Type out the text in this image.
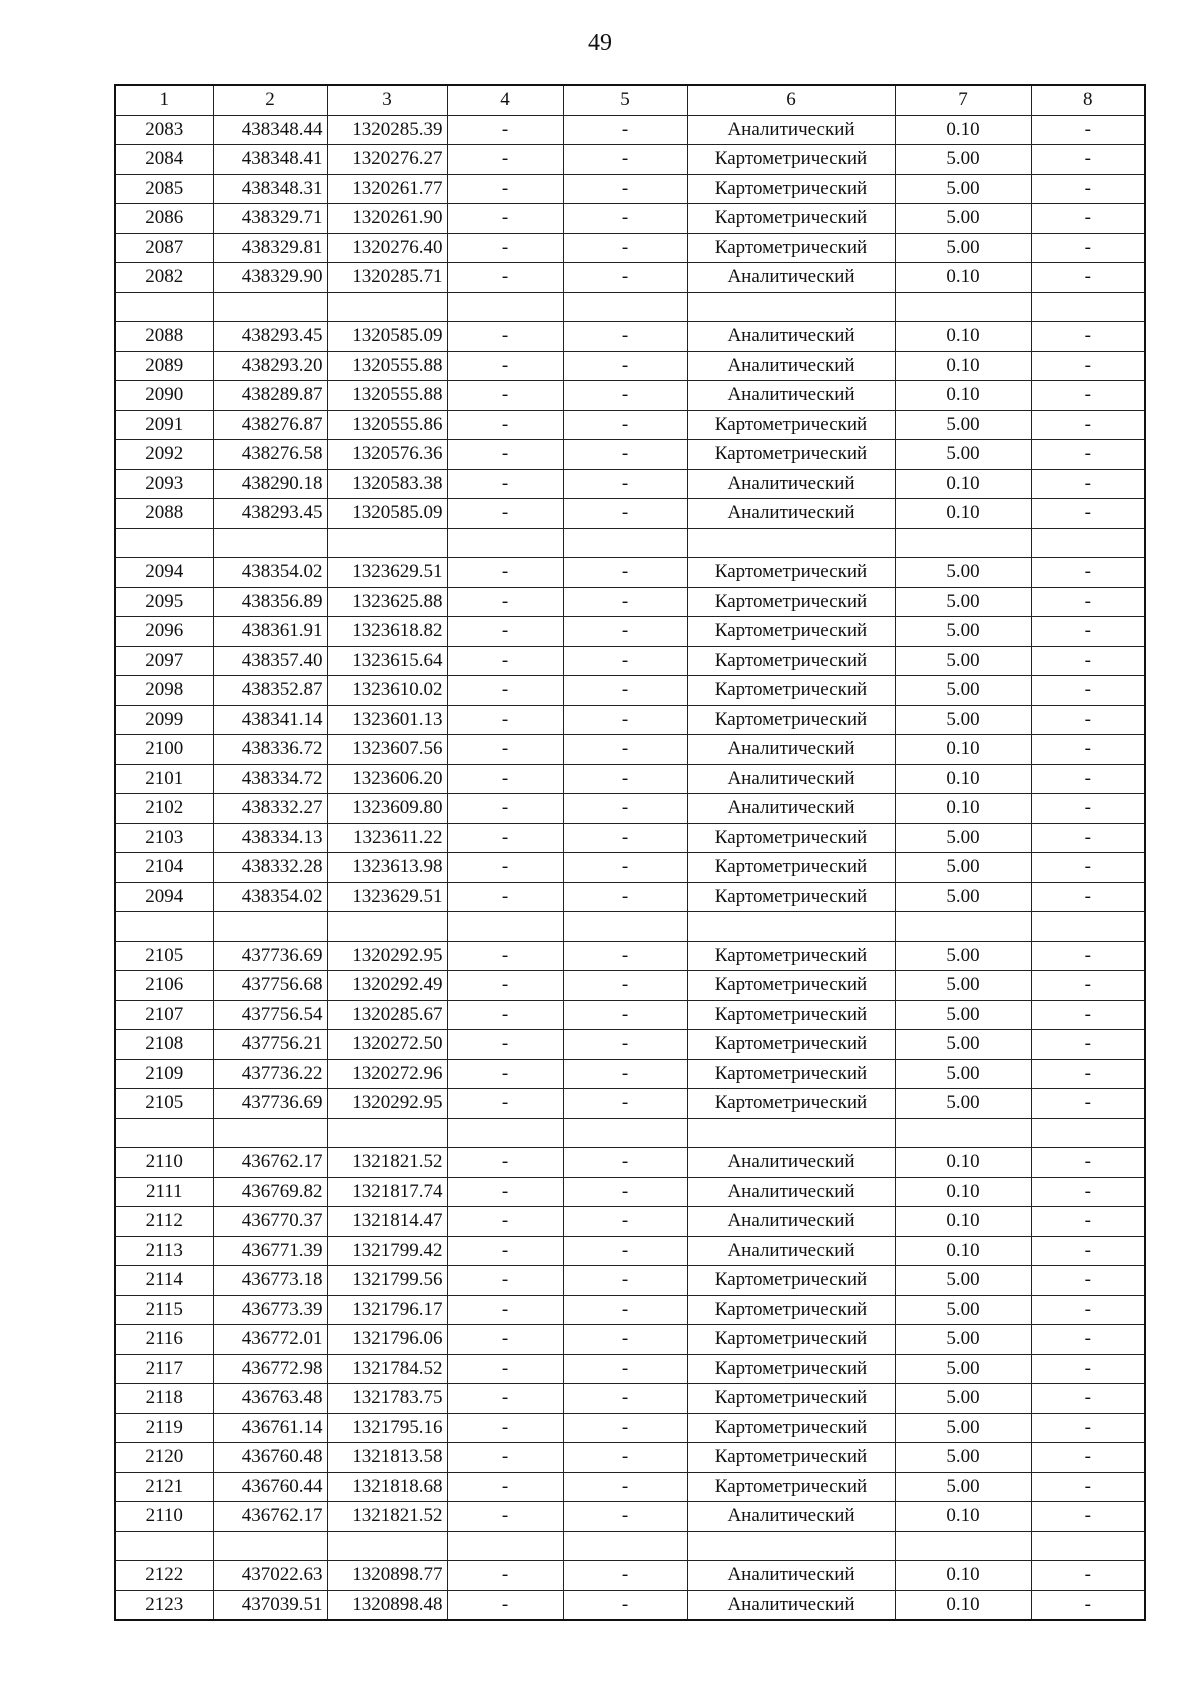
49
1	2	3	4	5	6	7	8
2083	438348.44	1320285.39	-	-	Аналитический	0.10	-
2084	438348.41	1320276.27	-	-	Картометрический	5.00	-
2085	438348.31	1320261.77	-	-	Картометрический	5.00	-
2086	438329.71	1320261.90	-	-	Картометрический	5.00	-
2087	438329.81	1320276.40	-	-	Картометрический	5.00	-
2082	438329.90	1320285.71	-	-	Аналитический	0.10	-

2088	438293.45	1320585.09	-	-	Аналитический	0.10	-
2089	438293.20	1320555.88	-	-	Аналитический	0.10	-
2090	438289.87	1320555.88	-	-	Аналитический	0.10	-
2091	438276.87	1320555.86	-	-	Картометрический	5.00	-
2092	438276.58	1320576.36	-	-	Картометрический	5.00	-
2093	438290.18	1320583.38	-	-	Аналитический	0.10	-
2088	438293.45	1320585.09	-	-	Аналитический	0.10	-

2094	438354.02	1323629.51	-	-	Картометрический	5.00	-
2095	438356.89	1323625.88	-	-	Картометрический	5.00	-
2096	438361.91	1323618.82	-	-	Картометрический	5.00	-
2097	438357.40	1323615.64	-	-	Картометрический	5.00	-
2098	438352.87	1323610.02	-	-	Картометрический	5.00	-
2099	438341.14	1323601.13	-	-	Картометрический	5.00	-
2100	438336.72	1323607.56	-	-	Аналитический	0.10	-
2101	438334.72	1323606.20	-	-	Аналитический	0.10	-
2102	438332.27	1323609.80	-	-	Аналитический	0.10	-
2103	438334.13	1323611.22	-	-	Картометрический	5.00	-
2104	438332.28	1323613.98	-	-	Картометрический	5.00	-
2094	438354.02	1323629.51	-	-	Картометрический	5.00	-

2105	437736.69	1320292.95	-	-	Картометрический	5.00	-
2106	437756.68	1320292.49	-	-	Картометрический	5.00	-
2107	437756.54	1320285.67	-	-	Картометрический	5.00	-
2108	437756.21	1320272.50	-	-	Картометрический	5.00	-
2109	437736.22	1320272.96	-	-	Картометрический	5.00	-
2105	437736.69	1320292.95	-	-	Картометрический	5.00	-

2110	436762.17	1321821.52	-	-	Аналитический	0.10	-
2111	436769.82	1321817.74	-	-	Аналитический	0.10	-
2112	436770.37	1321814.47	-	-	Аналитический	0.10	-
2113	436771.39	1321799.42	-	-	Аналитический	0.10	-
2114	436773.18	1321799.56	-	-	Картометрический	5.00	-
2115	436773.39	1321796.17	-	-	Картометрический	5.00	-
2116	436772.01	1321796.06	-	-	Картометрический	5.00	-
2117	436772.98	1321784.52	-	-	Картометрический	5.00	-
2118	436763.48	1321783.75	-	-	Картометрический	5.00	-
2119	436761.14	1321795.16	-	-	Картометрический	5.00	-
2120	436760.48	1321813.58	-	-	Картометрический	5.00	-
2121	436760.44	1321818.68	-	-	Картометрический	5.00	-
2110	436762.17	1321821.52	-	-	Аналитический	0.10	-

2122	437022.63	1320898.77	-	-	Аналитический	0.10	-
2123	437039.51	1320898.48	-	-	Аналитический	0.10	-
